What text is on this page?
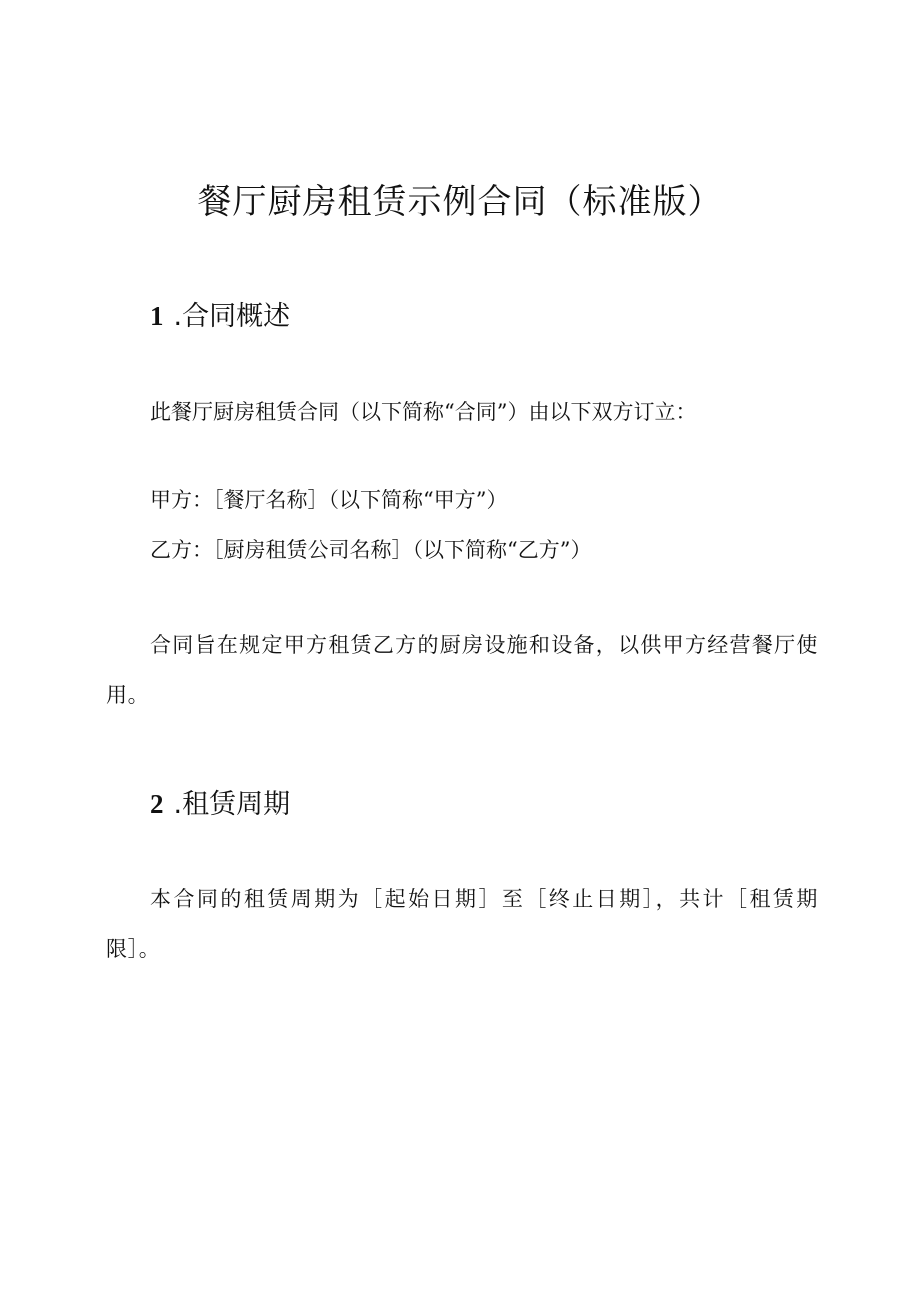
餐厅厨房租赁示例合同（标准版）
1 .合同概述

此餐厅厨房租赁合同（以下简称“合同”）由以下双方订立：

甲方：［餐厅名称］（以下简称“甲方”）

乙方：［厨房租赁公司名称］（以下简称“乙方”）

合同旨在规定甲方租赁乙方的厨房设施和设备，以供甲方经营餐厅使用。

2 .租赁周期

本合同的租赁周期为［起始日期］至［终止日期］，共计［租赁期限］。
